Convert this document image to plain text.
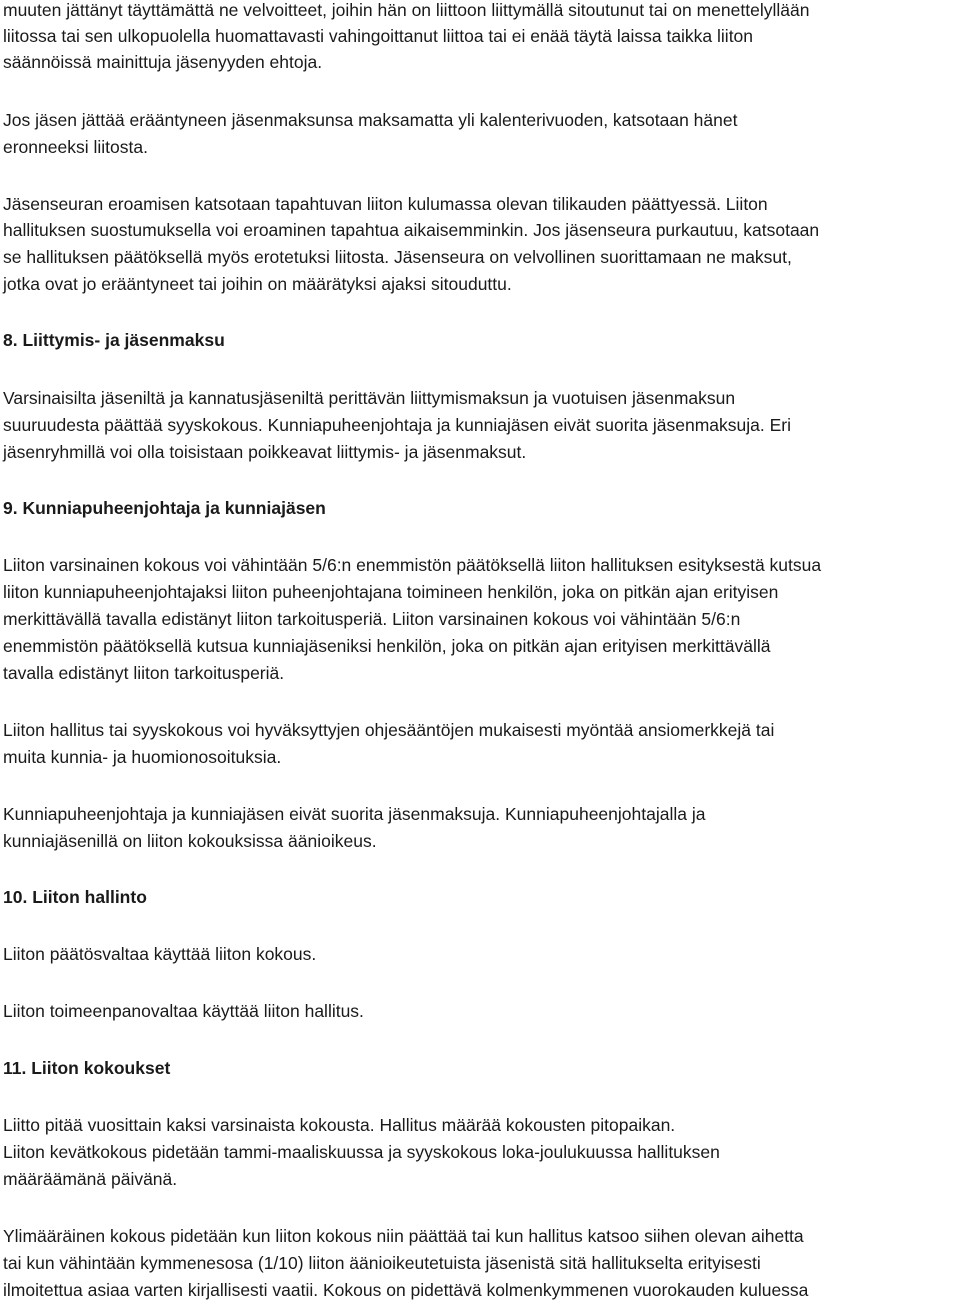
muuten jättänyt täyttämättä ne velvoitteet, joihin hän on liittoon liittymällä sitoutunut tai on menettelyllään
liitossa tai sen ulkopuolella huomattavasti vahingoittanut liittoa tai ei enää täytä laissa taikka liiton
säännöissä mainittuja jäsenyyden ehtoja.
Jos jäsen jättää erääntyneen jäsenmaksunsa maksamatta yli kalenterivuoden, katsotaan hänet
eronneeksi liitosta.
Jäsenseuran eroamisen katsotaan tapahtuvan liiton kulumassa olevan tilikauden päättyessä. Liiton
hallituksen suostumuksella voi eroaminen tapahtua aikaisemminkin. Jos jäsenseura purkautuu, katsotaan
se hallituksen päätöksellä myös erotetuksi liitosta. Jäsenseura on velvollinen suorittamaan ne maksut,
jotka ovat jo erääntyneet tai joihin on määrätyksi ajaksi sitouduttu.
8. Liittymis- ja jäsenmaksu
Varsinaisilta jäseniltä ja kannatusjäseniltä perittävän liittymismaksun ja vuotuisen jäsenmaksun
suuruudesta päättää syyskokous. Kunniapuheenjohtaja ja kunniajäsen eivät suorita jäsenmaksuja. Eri
jäsenryhmillä voi olla toisistaan poikkeavat liittymis- ja jäsenmaksut.
9. Kunniapuheenjohtaja ja kunniajäsen
Liiton varsinainen kokous voi vähintään 5/6:n enemmistön päätöksellä liiton hallituksen esityksestä kutsua
liiton kunniapuheenjohtajaksi liiton puheenjohtajana toimineen henkilön, joka on pitkän ajan erityisen
merkittävällä tavalla edistänyt liiton tarkoitusperiä. Liiton varsinainen kokous voi vähintään 5/6:n
enemmistön päätöksellä kutsua kunniajäseniksi henkilön, joka on pitkän ajan erityisen merkittävällä
tavalla edistänyt liiton tarkoitusperiä.
Liiton hallitus tai syyskokous voi hyväksyttyjen ohjesääntöjen mukaisesti myöntää ansiomerkkejä tai
muita kunnia- ja huomionosoituksia.
Kunniapuheenjohtaja ja kunniajäsen eivät suorita jäsenmaksuja. Kunniapuheenjohtajalla ja
kunniajäsenillä on liiton kokouksissa äänioikeus.
10. Liiton hallinto
Liiton päätösvaltaa käyttää liiton kokous.
Liiton toimeenpanovaltaa käyttää liiton hallitus.
11. Liiton kokoukset
Liitto pitää vuosittain kaksi varsinaista kokousta. Hallitus määrää kokousten pitopaikan.
Liiton kevätkokous pidetään tammi-maaliskuussa ja syyskokous loka-joulukuussa hallituksen
määräämänä päivänä.
Ylimääräinen kokous pidetään kun liiton kokous niin päättää tai kun hallitus katsoo siihen olevan aihetta
tai kun vähintään kymmenesosa (1/10) liiton äänioikeutetuista jäsenistä sitä hallitukselta erityisesti
ilmoitettua asiaa varten kirjallisesti vaatii. Kokous on pidettävä kolmenkymmenen vuorokauden kuluessa
